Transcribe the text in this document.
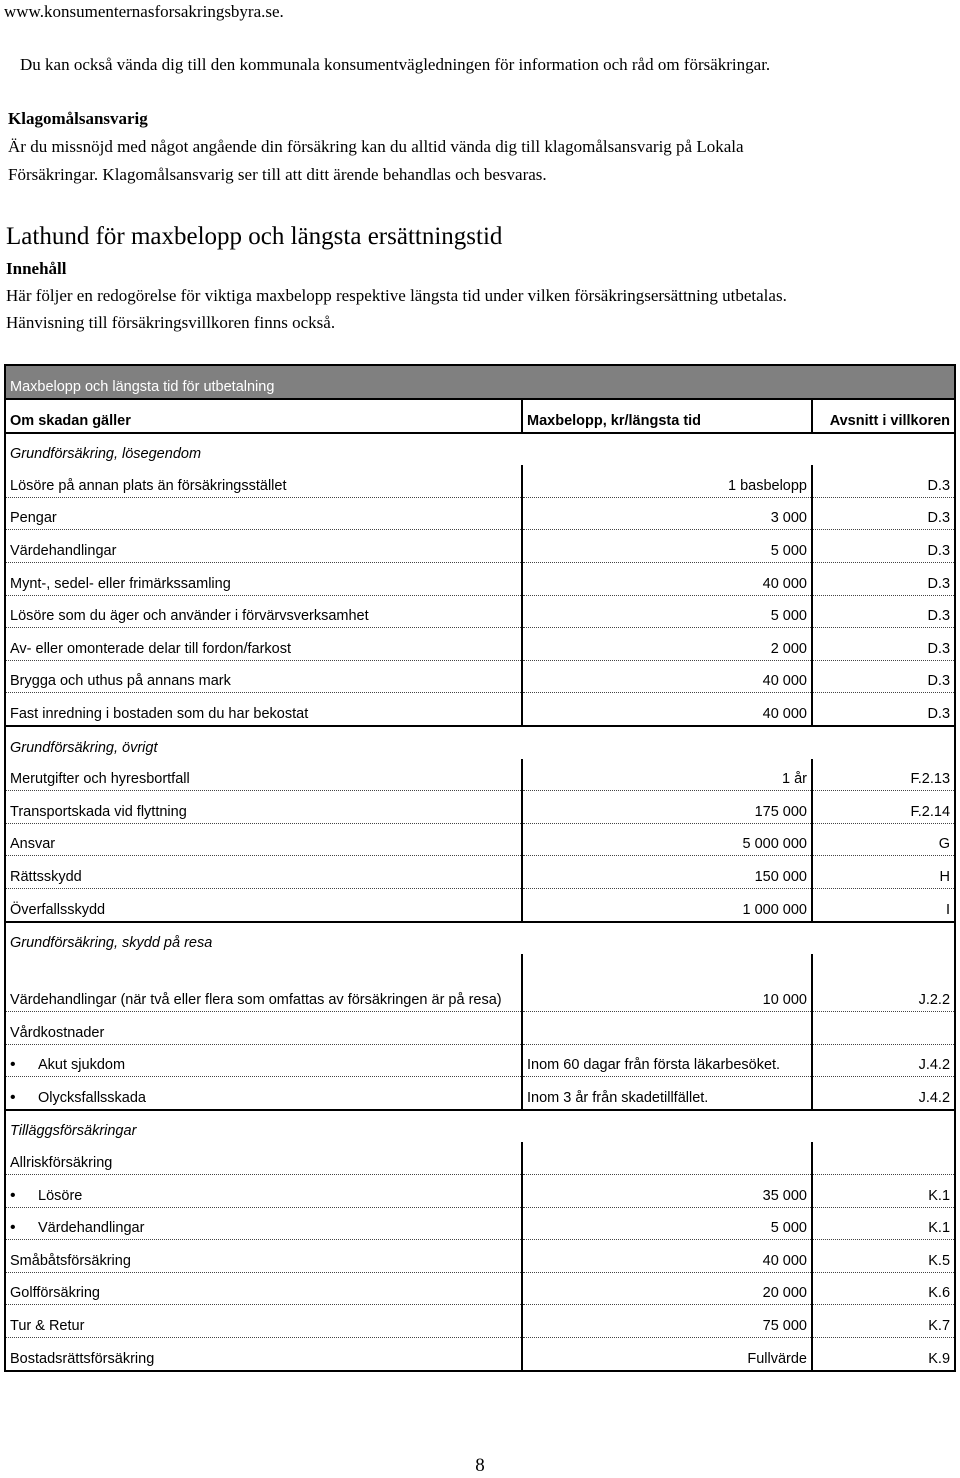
www.konsumenternasforsakringsbyra.se.
Du kan också vända dig till den kommunala konsumentvägledningen för information och råd om försäkringar.
Klagomålsansvarig
Är du missnöjd med något angående din försäkring kan du alltid vända dig till klagomålsansvarig på Lokala
Försäkringar. Klagomålsansvarig ser till att ditt ärende behandlas och besvaras.
Lathund för maxbelopp och längsta ersättningstid
Innehåll
Här följer en redogörelse för viktiga maxbelopp respektive längsta tid under vilken försäkringsersättning utbetalas.
Hänvisning till försäkringsvillkoren finns också.
Maxbelopp och längsta tid för utbetalning		
Om skadan gäller	Maxbelopp, kr/längsta tid	Avsnitt i villkoren
Grundförsäkring, lösegendom		
Lösöre på annan plats än försäkringsstället	1 basbelopp	D.3
Pengar	3 000	D.3
Värdehandlingar	5 000	D.3
Mynt-, sedel- eller frimärkssamling	40 000	D.3
Lösöre som du äger och använder i förvärvsverksamhet	5 000	D.3
Av- eller omonterade delar till fordon/farkost	2 000	D.3
Brygga och uthus på annans mark	40 000	D.3
Fast inredning i bostaden som du har bekostat	40 000	D.3
Grundförsäkring, övrigt		
Merutgifter och hyresbortfall	1 år	F.2.13
Transportskada vid flyttning	175 000	F.2.14
Ansvar	5 000 000	G
Rättsskydd	150 000	H
Överfallsskydd	1 000 000	I
Grundförsäkring, skydd på resa		
Värdehandlingar (när två eller flera som omfattas av försäkringen är på resa)	10 000	J.2.2
Vårdkostnader		
•Akut sjukdom	Inom 60 dagar från första läkarbesöket.	J.4.2
•Olycksfallsskada	Inom 3 år från skadetillfället.	J.4.2
Tilläggsförsäkringar		
Allriskförsäkring		
•Lösöre	35 000	K.1
•Värdehandlingar	5 000	K.1
Småbåtsförsäkring	40 000	K.5
Golfförsäkring	20 000	K.6
Tur & Retur	75 000	K.7
Bostadsrättsförsäkring	Fullvärde	K.9
8
